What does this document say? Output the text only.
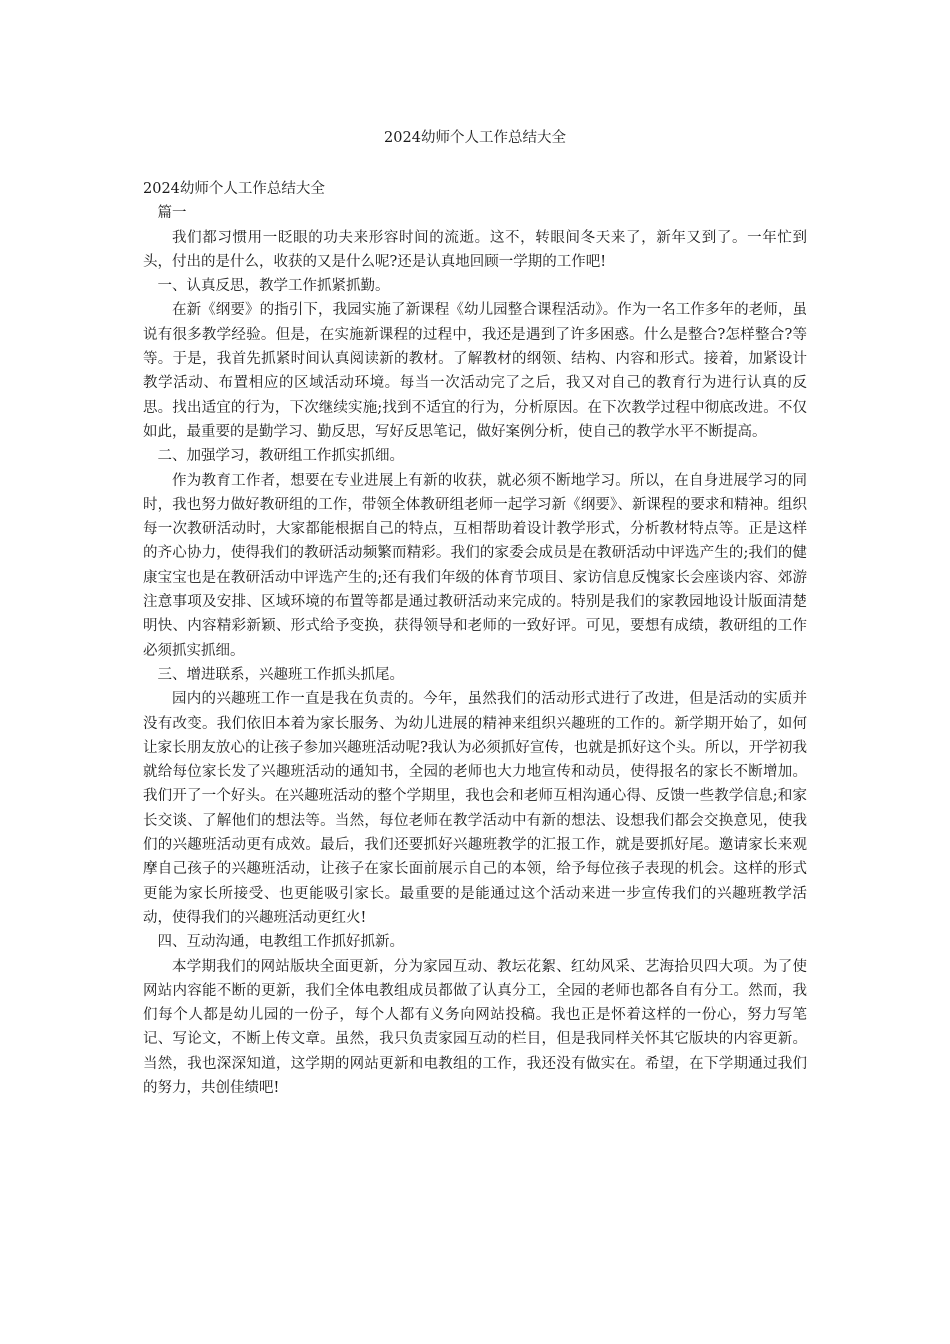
2024幼师个人工作总结大全

2024幼师个人工作总结大全

篇一

我们都习惯用一眨眼的功夫来形容时间的流逝。这不，转眼间冬天来了，新年又到了。一年忙到头，付出的是什么，收获的又是什么呢?还是认真地回顾一学期的工作吧!

一、认真反思，教学工作抓紧抓勤。

在新《纲要》的指引下，我园实施了新课程《幼儿园整合课程活动》。作为一名工作多年的老师，虽说有很多教学经验。但是，在实施新课程的过程中，我还是遇到了许多困惑。什么是整合?怎样整合?等等。于是，我首先抓紧时间认真阅读新的教材。了解教材的纲领、结构、内容和形式。接着，加紧设计教学活动、布置相应的区域活动环境。每当一次活动完了之后，我又对自己的教育行为进行认真的反思。找出适宜的行为，下次继续实施;找到不适宜的行为，分析原因。在下次教学过程中彻底改进。不仅如此，最重要的是勤学习、勤反思，写好反思笔记，做好案例分析，使自己的教学水平不断提高。

二、加强学习，教研组工作抓实抓细。

作为教育工作者，想要在专业进展上有新的收获，就必须不断地学习。所以，在自身进展学习的同时，我也努力做好教研组的工作，带领全体教研组老师一起学习新《纲要》、新课程的要求和精神。组织每一次教研活动时，大家都能根据自己的特点，互相帮助着设计教学形式，分析教材特点等。正是这样的齐心协力，使得我们的教研活动频繁而精彩。我们的家委会成员是在教研活动中评选产生的;我们的健康宝宝也是在教研活动中评选产生的;还有我们年级的体育节项目、家访信息反愧家长会座谈内容、郊游注意事项及安排、区域环境的布置等都是通过教研活动来完成的。特别是我们的家教园地设计版面清楚明快、内容精彩新颖、形式给予变换，获得领导和老师的一致好评。可见，要想有成绩，教研组的工作必须抓实抓细。

三、增进联系，兴趣班工作抓头抓尾。

园内的兴趣班工作一直是我在负责的。今年，虽然我们的活动形式进行了改进，但是活动的实质并没有改变。我们依旧本着为家长服务、为幼儿进展的精神来组织兴趣班的工作的。新学期开始了，如何让家长朋友放心的让孩子参加兴趣班活动呢?我认为必须抓好宣传，也就是抓好这个头。所以，开学初我就给每位家长发了兴趣班活动的通知书，全园的老师也大力地宣传和动员，使得报名的家长不断增加。我们开了一个好头。在兴趣班活动的整个学期里，我也会和老师互相沟通心得、反馈一些教学信息;和家长交谈、了解他们的想法等。当然，每位老师在教学活动中有新的想法、设想我们都会交换意见，使我们的兴趣班活动更有成效。最后，我们还要抓好兴趣班教学的汇报工作，就是要抓好尾。邀请家长来观摩自己孩子的兴趣班活动，让孩子在家长面前展示自己的本领，给予每位孩子表现的机会。这样的形式更能为家长所接受、也更能吸引家长。最重要的是能通过这个活动来进一步宣传我们的兴趣班教学活动，使得我们的兴趣班活动更红火!

四、互动沟通，电教组工作抓好抓新。

本学期我们的网站版块全面更新，分为家园互动、教坛花絮、红幼风采、艺海拾贝四大项。为了使网站内容能不断的更新，我们全体电教组成员都做了认真分工，全园的老师也都各自有分工。然而，我们每个人都是幼儿园的一份子，每个人都有义务向网站投稿。我也正是怀着这样的一份心，努力写笔记、写论文，不断上传文章。虽然，我只负责家园互动的栏目，但是我同样关怀其它版块的内容更新。当然，我也深深知道，这学期的网站更新和电教组的工作，我还没有做实在。希望，在下学期通过我们的努力，共创佳绩吧!
